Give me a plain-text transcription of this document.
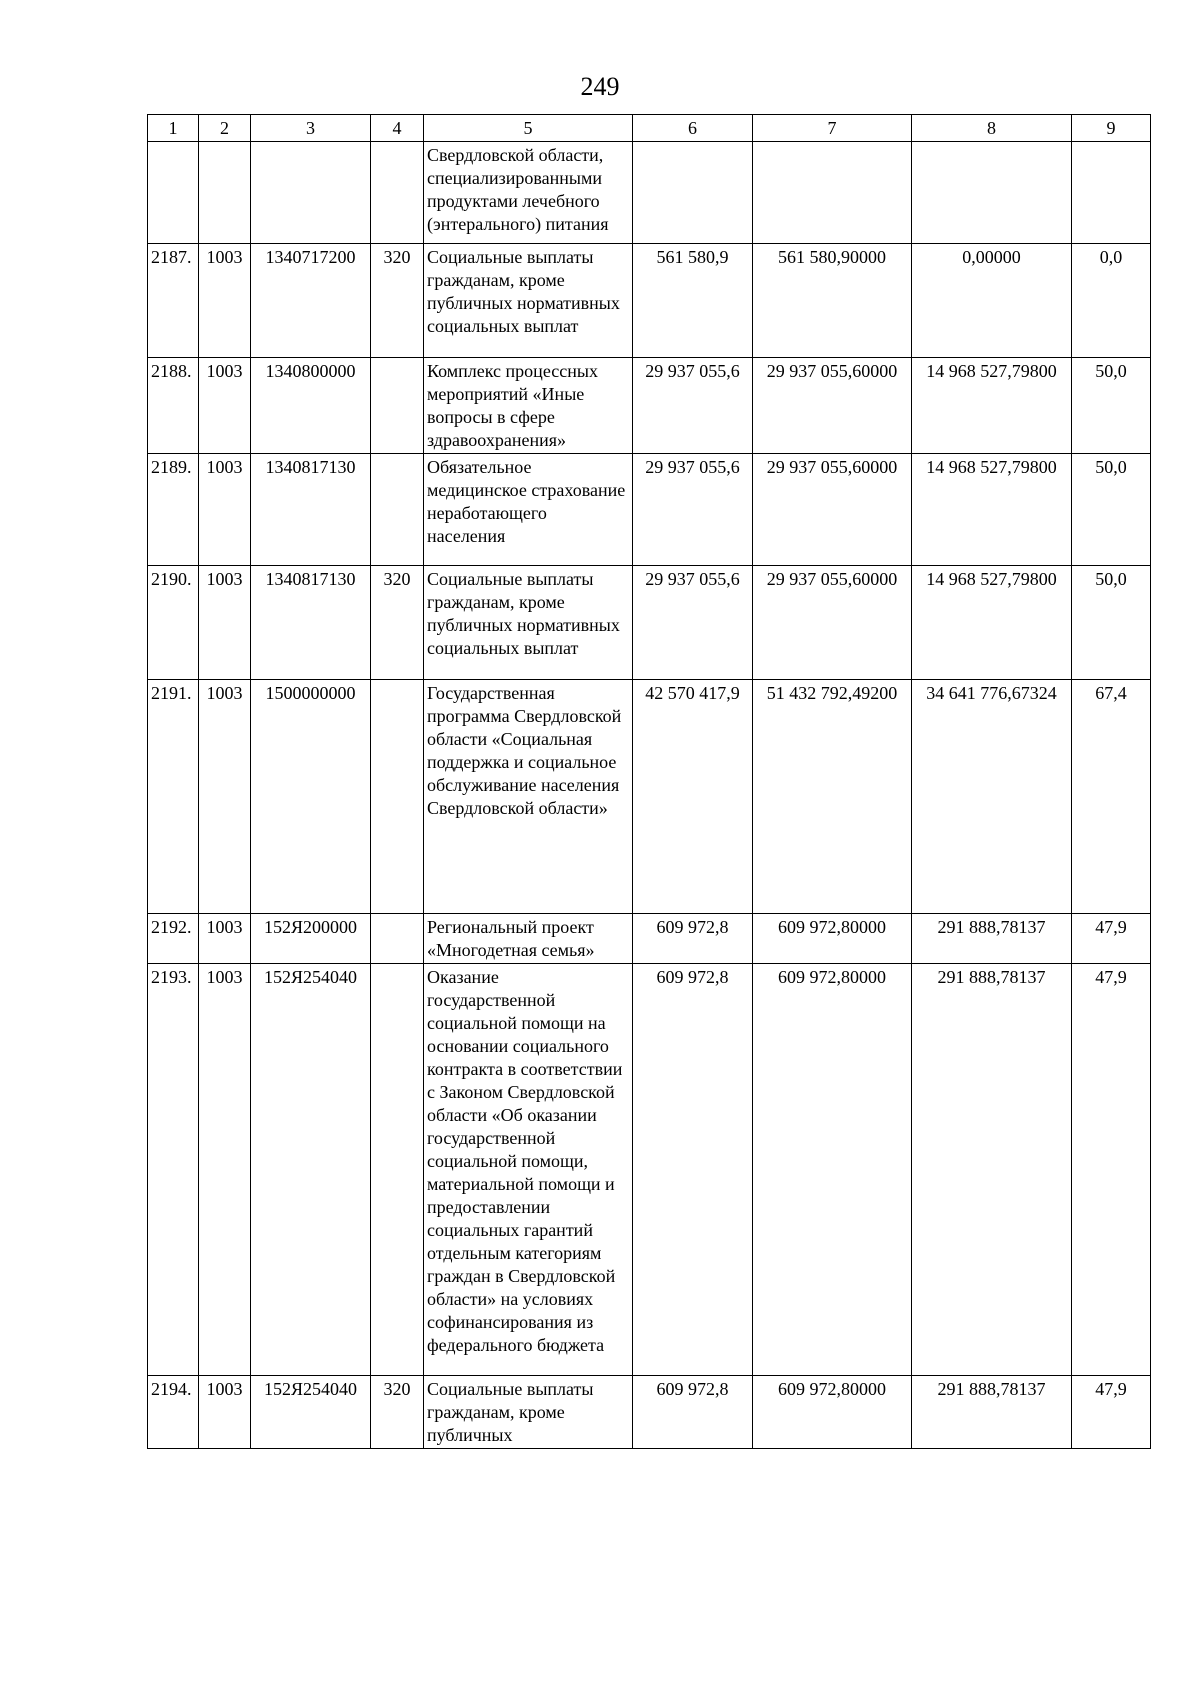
249
1	2	3	4	5	6	7	8	9
				Свердловской области, специализированными продуктами лечебного (энтерального) питания				
2187.	1003	1340717200	320	Социальные выплаты гражданам, кроме публичных нормативных социальных выплат	561 580,9	561 580,90000	0,00000	0,0
2188.	1003	1340800000		Комплекс процессных мероприятий «Иные вопросы в сфере здравоохранения»	29 937 055,6	29 937 055,60000	14 968 527,79800	50,0
2189.	1003	1340817130		Обязательное медицинское страхование неработающего населения	29 937 055,6	29 937 055,60000	14 968 527,79800	50,0
2190.	1003	1340817130	320	Социальные выплаты гражданам, кроме публичных нормативных социальных выплат	29 937 055,6	29 937 055,60000	14 968 527,79800	50,0
2191.	1003	1500000000		Государственная программа Свердловской области «Социальная поддержка и социальное обслуживание населения Свердловской области»	42 570 417,9	51 432 792,49200	34 641 776,67324	67,4
2192.	1003	152Я200000		Региональный проект «Многодетная семья»	609 972,8	609 972,80000	291 888,78137	47,9
2193.	1003	152Я254040		Оказание государственной социальной помощи на основании социального контракта в соответствии с Законом Свердловской области «Об оказании государственной социальной помощи, материальной помощи и предоставлении социальных гарантий отдельным категориям граждан в Свердловской области» на условиях софинансирования из федерального бюджета	609 972,8	609 972,80000	291 888,78137	47,9
2194.	1003	152Я254040	320	Социальные выплаты гражданам, кроме публичных	609 972,8	609 972,80000	291 888,78137	47,9
